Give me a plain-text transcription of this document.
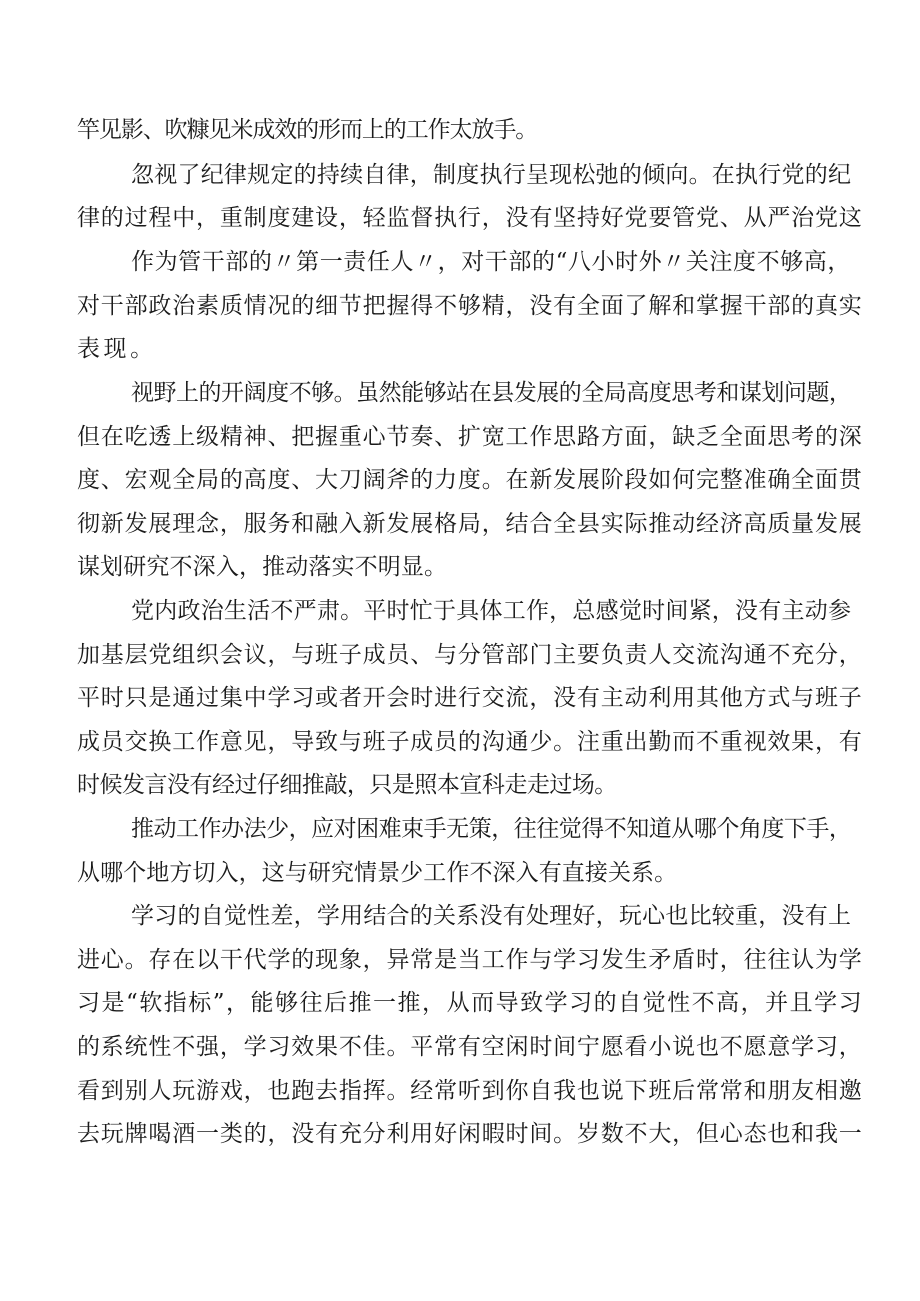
竿见影、吹糠见米成效的形而上的工作太放手。
忽视了纪律规定的持续自律，制度执行呈现松弛的倾向。在执行党的纪
律的过程中，重制度建设，轻监督执行，没有坚持好党要管党、从严治党这
作为管干部的〃第一责任人〃，对干部的“八小时外〃关注度不够高，
对干部政治素质情况的细节把握得不够精，没有全面了解和掌握干部的真实
表现。
视野上的开阔度不够。虽然能够站在县发展的全局高度思考和谋划问题，
但在吃透上级精神、把握重心节奏、扩宽工作思路方面，缺乏全面思考的深
度、宏观全局的高度、大刀阔斧的力度。在新发展阶段如何完整准确全面贯
彻新发展理念，服务和融入新发展格局，结合全县实际推动经济高质量发展
谋划研究不深入，推动落实不明显。
党内政治生活不严肃。平时忙于具体工作，总感觉时间紧，没有主动参
加基层党组织会议，与班子成员、与分管部门主要负责人交流沟通不充分，
平时只是通过集中学习或者开会时进行交流，没有主动利用其他方式与班子
成员交换工作意见，导致与班子成员的沟通少。注重出勤而不重视效果，有
时候发言没有经过仔细推敲，只是照本宣科走走过场。
推动工作办法少，应对困难束手无策，往往觉得不知道从哪个角度下手，
从哪个地方切入，这与研究情景少工作不深入有直接关系。
学习的自觉性差，学用结合的关系没有处理好，玩心也比较重，没有上
进心。存在以干代学的现象，异常是当工作与学习发生矛盾时，往往认为学
习是“软指标”，能够往后推一推，从而导致学习的自觉性不高，并且学习
的系统性不强，学习效果不佳。平常有空闲时间宁愿看小说也不愿意学习，
看到别人玩游戏，也跑去指挥。经常听到你自我也说下班后常常和朋友相邀
去玩牌喝酒一类的，没有充分利用好闲暇时间。岁数不大，但心态也和我一
